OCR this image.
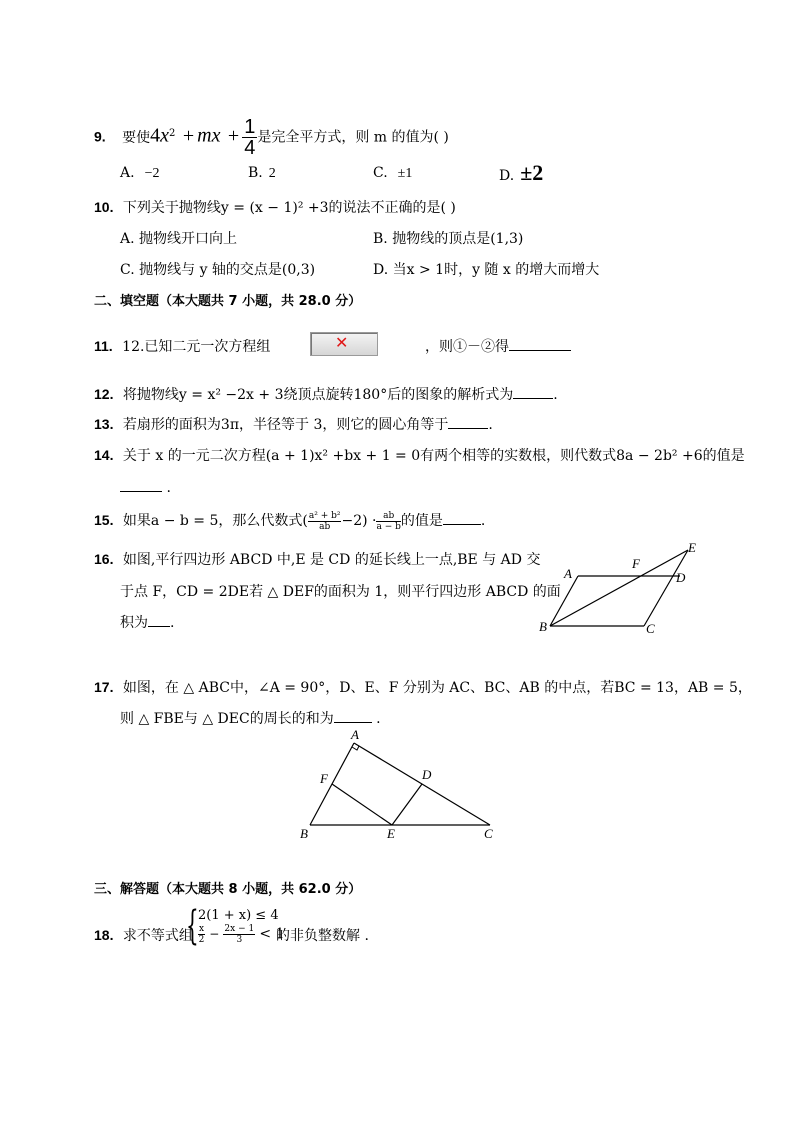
9. 要使$4x^2$ + mx + $\frac{1}{4}$是完全平方式，则 m 的值为( )
A. −2	B. 2	C. ±1	D. ±2
10. 下列关于抛物线y = (x − 1)² +3的说法不正确的是( )
A. 抛物线开口向上	B. 抛物线的顶点是(1,3)
C. 抛物线与 y 轴的交点是(0,3)	D. 当x > 1时，y 随 x 的增大而增大
二、填空题（本大题共 7 小题，共 28.0 分）
11. 12.已知二元一次方程组	✕	，则①－②得
12. 将抛物线y = x² −2x + 3绕顶点旋转180°后的图象的解析式为	.
13. 若扇形的面积为3π，半径等于 3，则它的圆心角等于	.
14. 关于 x 的一元二次方程(a + 1)x² +bx + 1 = 0有两个相等的实数根，则代数式8a − 2b² +6的值是
.
15. 如果a − b = 5，那么代数式( $\frac{\text{a² + b²}}{ab} -2) \cdot \frac{ab}{a - b}$ 的值是	.
16. 如图,平行四边形 ABCD 中,E 是 CD 的延长线上一点,BE 与 AD 交
于点 F，CD = 2DE若 △ DEF的面积为 1，则平行四边形 ABCD 的面
积为 .
A
B	C
D
E
F
17. 如图，在 △ ABC中，∠A = 90°，D、E、F 分别为 AC、BC、AB 的中点，若BC = 13，AB = 5，
则 △ FBE与 △ DEC的周长的和为	.
A
B	C
D
E
F
三、解答题（本大题共 8 小题，共 62.0 分）
18. 求不等式组
{ 2(1 + x) ≤ 4
$\frac{x}{2} - \frac{2x - 1}{3} < 1$
的非负整数解 .
